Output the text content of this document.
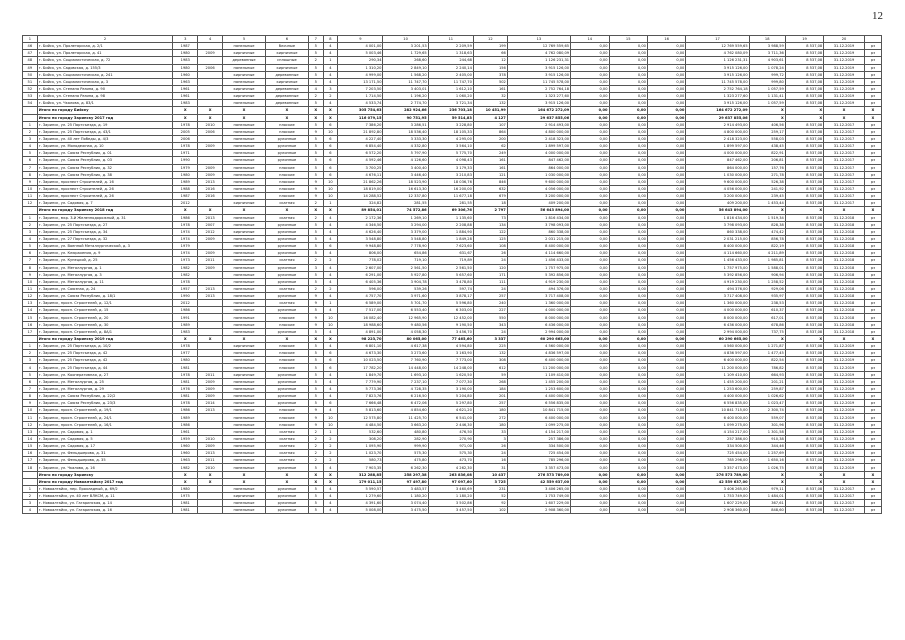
12
1	2	3	4	5	6	7	8	9	10	11	12	13	14	15	16	17	18	19	20	
46	г. Бийск, ул. Пролетарская, д. 2/1	1987		панельные	блочные	5	4	4 001,00	3 201,53	2 209,59	199	12 769 559,65	0,00	0,00	0,00	12 769 559,65	3 988,59	8 537,08	31.12.2019	рз
47	г. Бийск, ул. Пролетарская, д. 41	1980	2009	кирпичные	кирпичные	5	4	5 003,46	1 729,65	1 318,63	66	4 762 080,09	0,00	0,00	0,00	4 762 080,09	3 711,36	8 537,08	31.12.2019	рз
48	г. Бийск, ул. Социалистическая, д. 72	1983		деревянные	сплошные	2	1	290,34	268,60	244,68	12	1 126 231,31	0,00	0,00	0,00	1 126 231,31	4 903,61	8 537,08	31.12.2019	рз
49	г. Бийск, ул. Садовская, д. 155/3	1980	2006	панельные	кирпичные	5	4	1 310,20	2 849,10	2 240,14	156	3 915 126,00	0,00	0,00	0,00	3 915 126,00	1 078,24	8 537,08	31.12.2019	рз
50	г. Бийск, ул. Социалистическая, д. 241	1960		кирпичные	деревянные	5	4	4 999,00	1 568,20	2 405,00	378	3 915 126,00	0,00	0,00	0,00	3 915 126,00	999,72	8 537,08	31.12.2019	рз
51	г. Бийск, ул. Социалистическая, д. 3	1963		панельные	кирпичные	5	4	13 171,50	11 747,70	11 747,70	502	11 745 578,00	0,00	0,00	0,00	11 745 578,00	999,80	8 537,08	31.12.2019	рз
52	г. Бийск, ул. Степана Разина, д. 90	1961		кирпичные	деревянные	4	3	7 203,50	3 403,01	1 612,10	161	2 752 764,18	0,00	0,00	0,00	2 752 764,18	1 057,59	8 537,08	31.12.2019	рз
53	г. Бийск, ул. Степана Разина, д. 98	1961		кирпичные	деревянные	2	2	1 714,50	1 196,20	1 060,20	32	1 323 277,60	0,00	0,00	0,00	1 323 277,60	1 131,41	8 537,08	31.12.2019	рз
54	г. Бийск, ул. Чкалова, д. 83/1	1983		панельные	деревянные	5	4	4 533,74	2 774,70	3 721,34	132	3 915 126,00	0,00	0,00	0,00	3 915 126,00	1 057,59	8 537,08	31.12.2019	рз
	Итого по городу Бийску	X	X	X	X	X	X	305 754,63	282 924,66	236 703,18	10 451,99	164 672 272,09	0,00	0,00	0,00	164 672 272,09	X	X	X	X
	Итого по городу Заринску 2017 год	X	X	X	X	X	X	116 079,15	90 751,95	59 514,83	4 127	29 637 855,06	0,00	0,00	0,00	29 637 855,06	X	X	X	X
1	г. Заринск, ул. 25 Партсъезда, д. 19	1978	2010	панельные	плоские	5	6	7 386,20	3 286,51	3 228,80	107	2 914 493,00	0,00	0,00	0,00	2 914 493,00	406,56	8 537,08	31.12.2017	рз
2	г. Заринск, ул. 25 Партсъезда, д. 43/1	2005	2006	панельные	плоские	9	10	21 892,80	18 536,40	18 105,33	864	4 800 000,00	0,00	0,00	0,00	4 800 000,00	259,17	8 537,08	31.12.2017	рз
3	г. Заринск, ул. 40 лет Победы, д. 4/3	2006		панельные	рулонные	5	6	4 227,40	3 333,30	4 295,00	200	2 418 323,00	0,00	0,00	0,00	2 418 323,00	558,03	8 537,08	31.12.2017	рз
4	г. Заринск, ул. Молодежная, д. 10	1978	2009	панельные	рулонные	5	6	6 854,40	4 332,80	3 564,10	62	1 899 597,00	0,00	0,00	0,00	1 899 597,00	438,45	8 537,08	31.12.2017	рз
5	г. Заринск, ул. Союза Республик, д. 01	1971		панельные	рулонные	5	6	6 572,20	5 797,90	5 775,70	249	4 000 000,00	0,00	0,00	0,00	4 000 000,00	822,91	8 537,08	31.12.2017	рз
6	г. Заринск, ул. Союза Республик, д. 03	1990		панельные	рулонные	5	6	4 592,46	4 126,60	4 098,43	161	847 462,00	0,00	0,00	0,00	847 462,00	206,81	8 537,08	31.12.2017	рз
7	г. Заринск, ул. Союза Республик, д. 32	1979	2009	панельные	плоские	5	6	3 700,25	3 400,40	3 179,33	161	864 000,00	0,00	0,00	0,00	864 000,00	157,76	8 537,08	31.12.2017	рз
8	г. Заринск, ул. Союза Республик, д. 38	1980	2009	панельные	плоские	5	6	4 676,11	3 446,40	3 210,83	121	1 030 000,00	0,00	0,00	0,00	1 030 000,00	271,78	8 537,08	31.12.2017	рз
9	г. Заринск, проспект Строителей, д. 16	1989	2013	панельные	плоские	9	10	21 862,26	18 523,90	18 036,76	846	9 600 000,00	0,00	0,00	0,00	9 600 000,00	526,38	8 537,08	31.12.2017	рз
10	г. Заринск, проспект Строителей, д. 26	1988	2016	панельные	плоские	9	10	18 819,00	16 613,30	16 200,00	632	4 056 000,00	0,00	0,00	0,00	4 056 000,00	241,92	8 537,08	31.12.2017	рз
11	г. Заринск, проспект Строителей, д. 26	1987	2016	панельные	плоские	9	10	14 288,52	12 337,80	11 677,18	679	3 200 000,00	0,00	0,00	0,00	3 200 000,00	239,45	8 537,08	31.12.2017	рз
12	г. Заринск, ул. Садовая, д. 7	2012		кирпичные	скатная	2	1	324,82	281,55	281,55	18	409 200,00	0,00	0,00	0,00	409 200,00	1 453,44	8 537,08	31.12.2017	рз
	Итого по городу Заринску 2018 год	X	X	X	X	X	X	89 854,01	74 572,86	69 306,76	2 797	56 643 894,00	0,00	0,00	0,00	56 643 894,00	X	X	X	X
1	г. Заринск, мкр. 3-й Железнодорожный, д. 31	1986	2013	панельные	скатная	2	4	2 172,36	1 269,10	1 135,60	73	1 816 434,00	0,00	0,00	0,00	1 816 434,00	1 519,34	8 537,08	31.12.2018	рз
2	г. Заринск, ул. 25 Партсъезда, д. 27	1978	2007	панельные	рулонные	5	4	4 346,50	3 294,00	2 208,88	134	3 798 093,00	0,00	0,00	0,00	3 798 093,00	828,38	8 537,08	31.12.2018	рз
3	г. Заринск, ул. 25 Партсъезда, д. 34	1974	2012	кирпичные	рулонные	5	4	4 626,40	3 379,00	1 884,90	122	860 338,00	0,00	0,00	0,00	860 338,00	474,42	8 537,08	31.12.2018	рз
4	г. Заринск, ул. 27 Партсъезда, д. 32	1974	2009	панельные	рулонные	5	4	3 548,80	3 548,80	1 849,28	125	2 031 215,00	0,00	0,00	0,00	2 031 215,00	856,78	8 537,08	31.12.2018	рз
5	г. Заринск, ул. Военной Металлургической, д. 3	1979		панельные	рулонные	5	6	9 948,80	7 778,90	7 623,60	108	8 400 000,00	0,00	0,00	0,00	8 400 000,00	822,19	8 537,08	31.12.2018	рз
6	г. Заринск, ул. Клюрахения, д. 9	1974	2009	панельные	рулонные	5	4	806,00	654,86	631,67	26	4 114 660,00	0,00	0,00	0,00	4 114 660,00	4 211,89	8 537,08	31.12.2018	рз
7	г. Заринск, ул. Кунецкой, д. 25	1973	2011	панельные	скатная	2	2	778,02	719,10	719,89	24	1 456 433,00	0,00	0,00	0,00	1 456 433,00	1 985,81	8 537,08	31.12.2018	рз
8	г. Заринск, ул. Металлургов, д. 1	1982	2009	панельные	рулонные	3	4	2 607,00	2 561,50	2 561,50	120	1 757 975,00	0,00	0,00	0,00	1 757 975,00	1 588,01	8 537,08	31.12.2018	рз
9	г. Заринск, ул. Металлургов, д. 3	1982		панельные	рулонные	5	4	6 291,00	5 927,80	5 657,60	171	5 392 856,00	0,00	0,00	0,00	5 392 856,00	906,94	8 537,08	31.12.2018	рз
10	г. Заринск, ул. Металлургов, д. 11	1978		панельные	рулонные	5	4	6 405,36	3 904,78	3 478,80	111	4 919 230,00	0,00	0,00	0,00	4 919 230,00	1 258,52	8 537,08	31.12.2018	рз
11	г. Заринск, ул. Союзная, д. 24	1957	2013	панельные	скатная	2	2	596,00	539,26	597,74	24	494 376,00	0,00	0,00	0,00	494 376,00	929,06	8 537,08	31.12.2018	рз
12	г. Заринск, ул. Союза Республик, д. 18/1	1990	2013	панельные	рулонные	9	4	4 757,70	3 971,60	3 878,17	257	3 717 408,00	0,00	0,00	0,00	3 717 408,00	935,97	8 537,08	31.12.2018	рз
13	г. Заринск, просп. Строителей, д. 12/1	2012		панельные	скатная	9	1	6 589,00	5 701,70	5 596,80	240	1 360 000,00	0,00	0,00	0,00	1 360 000,00	238,53	8 537,08	31.12.2018	рз
14	г. Заринск, просп. Строителей, д. 15	1986		панельные	рулонные	5	4	7 517,00	6 553,40	6 303,00	227	4 000 000,00	0,00	0,00	0,00	4 000 000,00	610,37	8 537,08	31.12.2018	рз
15	г. Заринск, просп. Строителей, д. 20	1991		панельные	плоские	9	10	16 082,40	12 965,90	12 452,00	550	8 000 000,00	0,00	0,00	0,00	8 000 000,00	617,01	8 537,08	31.12.2018	рз
16	г. Заринск, просп. Строителей, д. 30	1989		панельные	плоские	9	10	18 988,60	9 480,56	9 190,50	343	6 436 000,00	0,00	0,00	0,00	6 436 000,00	678,86	8 537,08	31.12.2018	рз
17	г. Заринск, просп. Строителей, д. 8А/1	1983		панельные	рулонные	5	4	4 891,00	4 058,30	3 456,70	24	2 994 000,00	0,00	0,00	0,00	2 994 000,00	737,75	8 537,08	31.12.2018	рз
	Итого по городу Заринску 2019 год	X	X	X	X	X	X	98 223,70	80 065,00	77 465,60	3 337	60 290 665,00	0,00	0,00	0,00	60 290 665,00	X	X	X	X
1	г. Заринск, ул. 25 Партсъезда, д. 10/2	1978		кирпичные	плоские	5	4	6 801,10	4 617,38	4 594,80	225	4 560 000,00	0,00	0,00	0,00	4 560 000,00	1 271,87	8 537,08	31.12.2019	рз
2	г. Заринск, ул. 25 Партсъезда, д. 42	1977		панельные	плоские	5	6	4 673,30	3 273,60	3 163,90	132	4 836 597,00	0,00	0,00	0,00	4 836 597,00	1 477,45	8 537,08	31.12.2019	рз
3	г. Заринск, ул. 25 Партсъезда, д. 42	1980		панельные	плоские	5	6	10 023,50	7 760,90	7 773,00	308	6 400 000,00	0,00	0,00	0,00	6 400 000,00	822,54	8 537,08	31.12.2019	рз
4	г. Заринск, ул. 25 Партсъезда, д. 44	1981		панельные	плоские	5	6	17 782,20	14 448,00	14 248,00	612	11 200 000,00	0,00	0,00	0,00	11 200 000,00	786,82	8 537,08	31.12.2019	рз
5	г. Заринск, ул. Кооперативная, д. 27	1978	2011	кирпичные	рулонные	5	4	1 849,70	1 693,10	1 620,50	59	1 109 410,00	0,00	0,00	0,00	1 109 410,00	664,93	8 537,08	31.12.2019	рз
6	г. Заринск, ул. Металлургов, д. 25	1981	2009	панельные	рулонные	5	4	7 779,90	7 237,10	7 077,30	268	1 455 200,00	0,00	0,00	0,00	1 455 200,00	201,21	8 537,08	31.12.2019	рз
7	г. Заринск, ул. Металлургов, д. 29	1976	2009	панельные	рулонные	5	4	5 773,36	4 728,35	3 190,00	184	1 253 600,00	0,00	0,00	0,00	1 253 600,00	259,87	8 537,08	31.12.2019	рз
8	г. Заринск, ул. Союза Республик, д. 22/2	1981	2009	панельные	рулонные	5	4	7 823,76	6 216,50	5 204,80	201	4 400 000,00	0,00	0,00	0,00	4 400 000,00	1 026,62	8 537,08	31.12.2019	рз
9	г. Заринск, ул. Союза Республик, д. 23/3	1978	2014	панельные	рулонные	5	6	7 666,48	6 472,06	5 297,80	257	6 556 835,00	0,00	0,00	0,00	6 556 835,00	1 023,47	8 537,08	31.12.2019	рз
10	г. Заринск, просп. Строителей, д. 19/1	1986	2013	панельные	плоские	9	4	5 813,60	4 854,60	4 621,20	180	10 841 715,00	0,00	0,00	0,00	10 841 715,00	2 300,74	8 537,08	31.12.2019	рз
11	г. Заринск, просп. Строителей, д. 24/1	1989		панельные	плоские	9	10	12 575,80	11 425,70	6 541,00	272	6 400 000,00	0,00	0,00	0,00	6 400 000,00	559,07	8 537,08	31.12.2019	рз
12	г. Заринск, просп. Строителей, д. 16/1	1986		панельные	плоские	9	10	4 484,50	3 663,20	2 446,30	180	1 099 275,00	0,00	0,00	0,00	1 099 275,00	301,96	8 537,08	31.12.2019	рз
13	г. Заринск, ул. Садовая, д. 1	1961		панельные	скатная	2	1	532,60	480,80	476,50	33	4 154 217,00	0,00	0,00	0,00	4 154 217,00	1 301,58	8 537,08	31.12.2019	рз
14	г. Заринск, ул. Садовая, д. 5	1959	2010	панельные	скатная	2	2	308,20	282,90	270,90	3	257 386,00	0,00	0,00	0,00	257 386,00	910,38	8 537,08	31.12.2019	рз
15	г. Заринск, ул. Садовая, д. 17	1960	2009	панельные	скатная	2	2	1 095,90	999,90	971,00	26	334 500,00	0,00	0,00	0,00	334 500,00	344,46	8 537,08	31.12.2019	рз
16	г. Заринск, ул. Фельдшерова, д. 31	1960	2013	панельные	скатная	2	2	1 023,70	575,30	575,30	24	725 454,00	0,00	0,00	0,00	725 454,00	1 257,69	8 537,08	31.12.2019	рз
17	г. Заринск, ул. Фельдшерова, д. 35	1963	2011	панельные	скатная	2	2	580,73	475,80	473,70	16	785 296,00	0,00	0,00	0,00	785 296,00	1 650,16	8 537,08	31.12.2019	рз
18	г. Заринск, ул. Чкалова, д. 16	1982	2010	панельные	рулонные	5	4	7 903,35	6 262,30	4 262,30	31	3 357 473,00	0,00	0,00	0,00	3 357 473,00	1 026,75	8 537,08	31.12.2019	рз
	Итого по городу Заринску	X	X	X	X	X	X	312 288,85	258 297,38	263 836,08	10 437	276 573 789,00	0,00	0,00	0,00	276 573 789,00	X	X	X	X
	Итого по городу Новоалтайску 2017 год	X	X	X	X	X	X	179 011,15	97 497,80	97 097,60	3 725	42 559 637,00	0,00	0,00	0,00	42 559 637,00	X	X	X	X
1	г. Новоалтайск, пер. Прохладный, д. 69/2	1980		панельные	рулонные	5	4	5 590,57	3 483,57	3 460,69	231	3 406 265,00	0,00	0,00	0,00	3 406 265,00	979,11	8 537,08	31.12.2017	рз
2	г. Новоалтайск, ул. 40 лет ВЛКСМ, д. 11	1975		кирпичные	рулонные	5	4	1 279,60	1 180,20	1 180,20	52	1 753 749,00	0,00	0,00	0,00	1 753 749,00	1 484,01	8 537,08	31.12.2017	рз
3	г. Новоалтайск, ул. Гагаринская, д. 14	1981		панельные	рулонные	5	4	4 391,60	3 074,40	3 502,86	92	1 607 229,00	0,00	0,00	0,00	1 607 229,00	367,61	8 537,08	31.12.2017	рз
4	г. Новоалтайск, ул. Гагаринская, д. 16	1981		панельные	рулонные	5	4	5 008,00	3 475,50	3 457,50	102	2 908 360,00	0,00	0,00	0,00	2 908 360,00	848,60	8 537,08	31.12.2017	рз
